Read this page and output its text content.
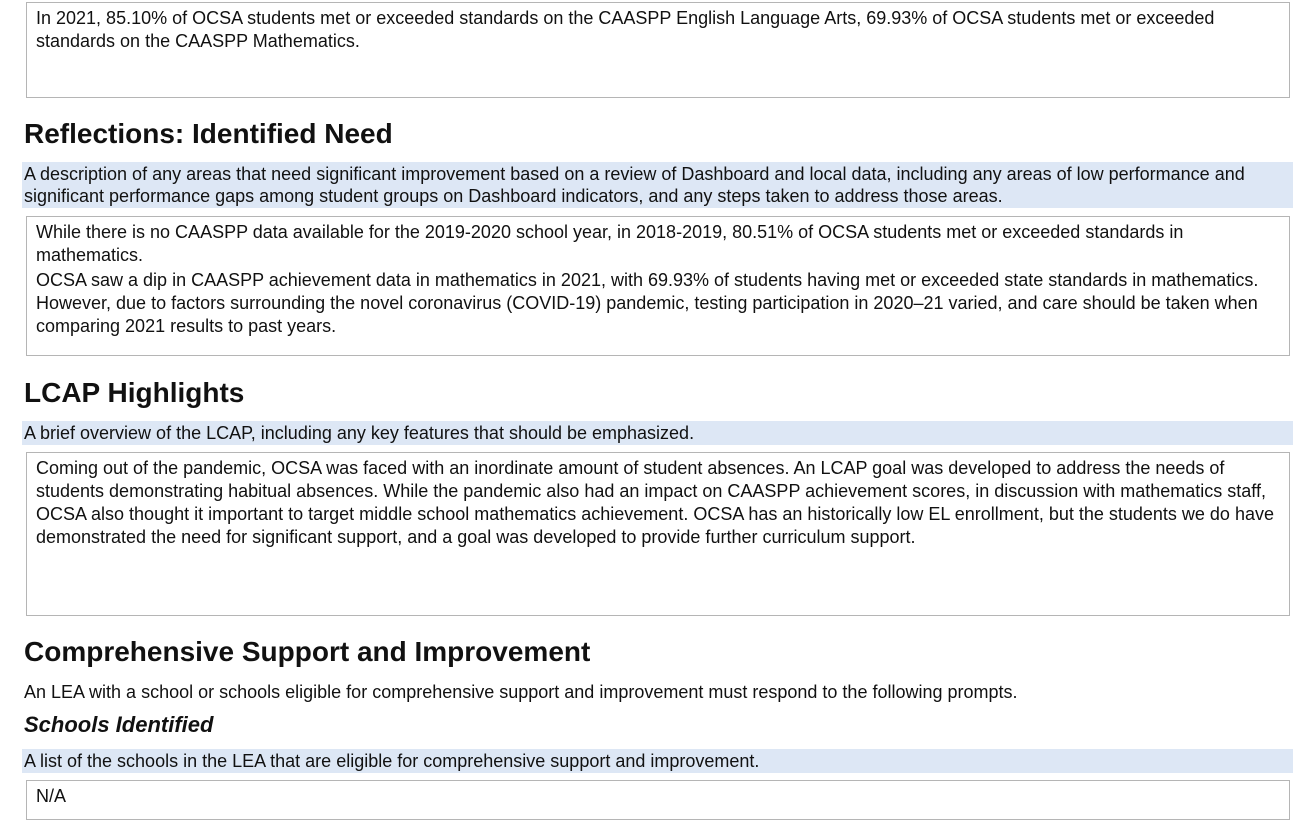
In 2021, 85.10% of OCSA students met or exceeded standards on the CAASPP English Language Arts, 69.93% of OCSA students met or exceeded standards on the CAASPP Mathematics.

Reflections: Identified Need
A description of any areas that need significant improvement based on a review of Dashboard and local data, including any areas of low performance and significant performance gaps among student groups on Dashboard indicators, and any steps taken to address those areas.

While there is no CAASPP data available for the 2019-2020 school year, in 2018-2019, 80.51% of OCSA students met or exceeded standards in mathematics.

OCSA saw a dip in CAASPP achievement data in mathematics in 2021, with 69.93% of students having met or exceeded state standards in mathematics. However, due to factors surrounding the novel coronavirus (COVID-19) pandemic, testing participation in 2020–21 varied, and care should be taken when comparing 2021 results to past years.

LCAP Highlights
A brief overview of the LCAP, including any key features that should be emphasized.

Coming out of the pandemic, OCSA was faced with an inordinate amount of student absences. An LCAP goal was developed to address the needs of students demonstrating habitual absences. While the pandemic also had an impact on CAASPP achievement scores, in discussion with mathematics staff, OCSA also thought it important to target middle school mathematics achievement. OCSA has an historically low EL enrollment, but the students we do have demonstrated the need for significant support, and a goal was developed to provide further curriculum support.

Comprehensive Support and Improvement
An LEA with a school or schools eligible for comprehensive support and improvement must respond to the following prompts.
Schools Identified
A list of the schools in the LEA that are eligible for comprehensive support and improvement.

N/A
